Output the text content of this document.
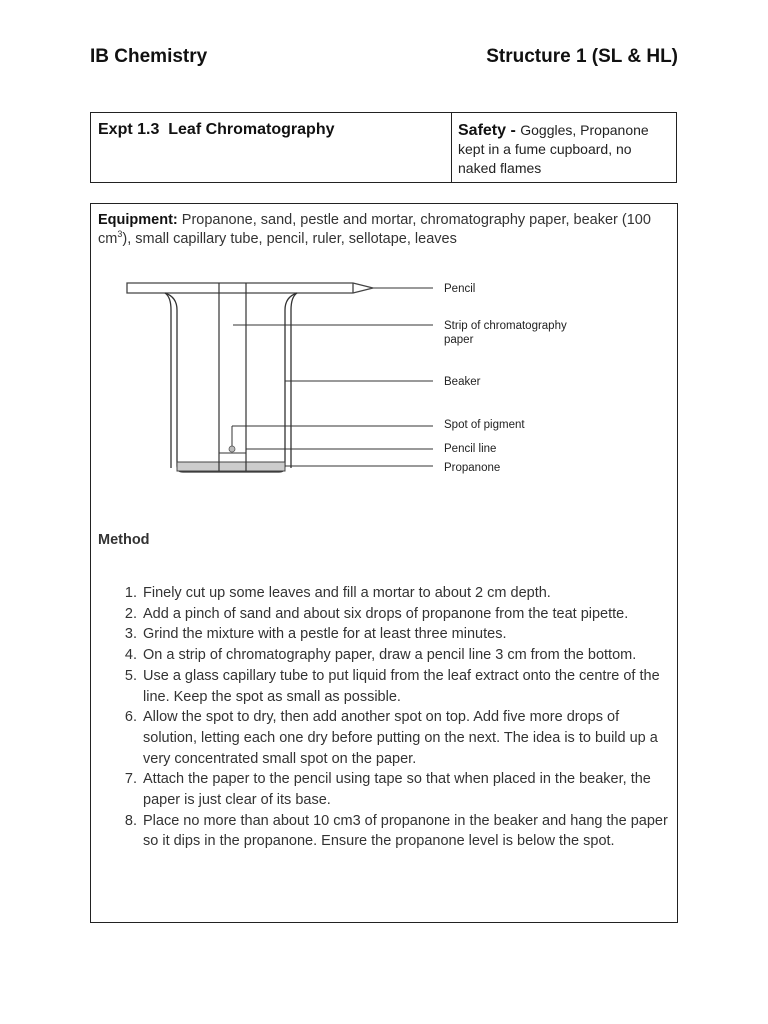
IB Chemistry	Structure 1 (SL & HL)
Expt 1.3  Leaf Chromatography	Safety - Goggles, Propanone kept in a fume cupboard, no naked flames
Equipment: Propanone, sand, pestle and mortar, chromatography paper, beaker (100 $cm^3$), small capillary tube, pencil, ruler, sellotape, leaves
Pencil
Strip of chromatography
paper
Beaker
Spot of pigment
Pencil line
Propanone
Method
1. Finely cut up some leaves and fill a mortar to about 2 cm depth.
2. Add a pinch of sand and about six drops of propanone from the teat pipette.
3. Grind the mixture with a pestle for at least three minutes.
4. On a strip of chromatography paper, draw a pencil line 3 cm from the bottom.
5. Use a glass capillary tube to put liquid from the leaf extract onto the centre of the line. Keep the spot as small as possible.
6. Allow the spot to dry, then add another spot on top. Add five more drops of solution, letting each one dry before putting on the next. The idea is to build up a very concentrated small spot on the paper.
7. Attach the paper to the pencil using tape so that when placed in the beaker, the paper is just clear of its base.
8. Place no more than about 10 cm3 of propanone in the beaker and hang the paper so it dips in the propanone. Ensure the propanone level is below the spot.
